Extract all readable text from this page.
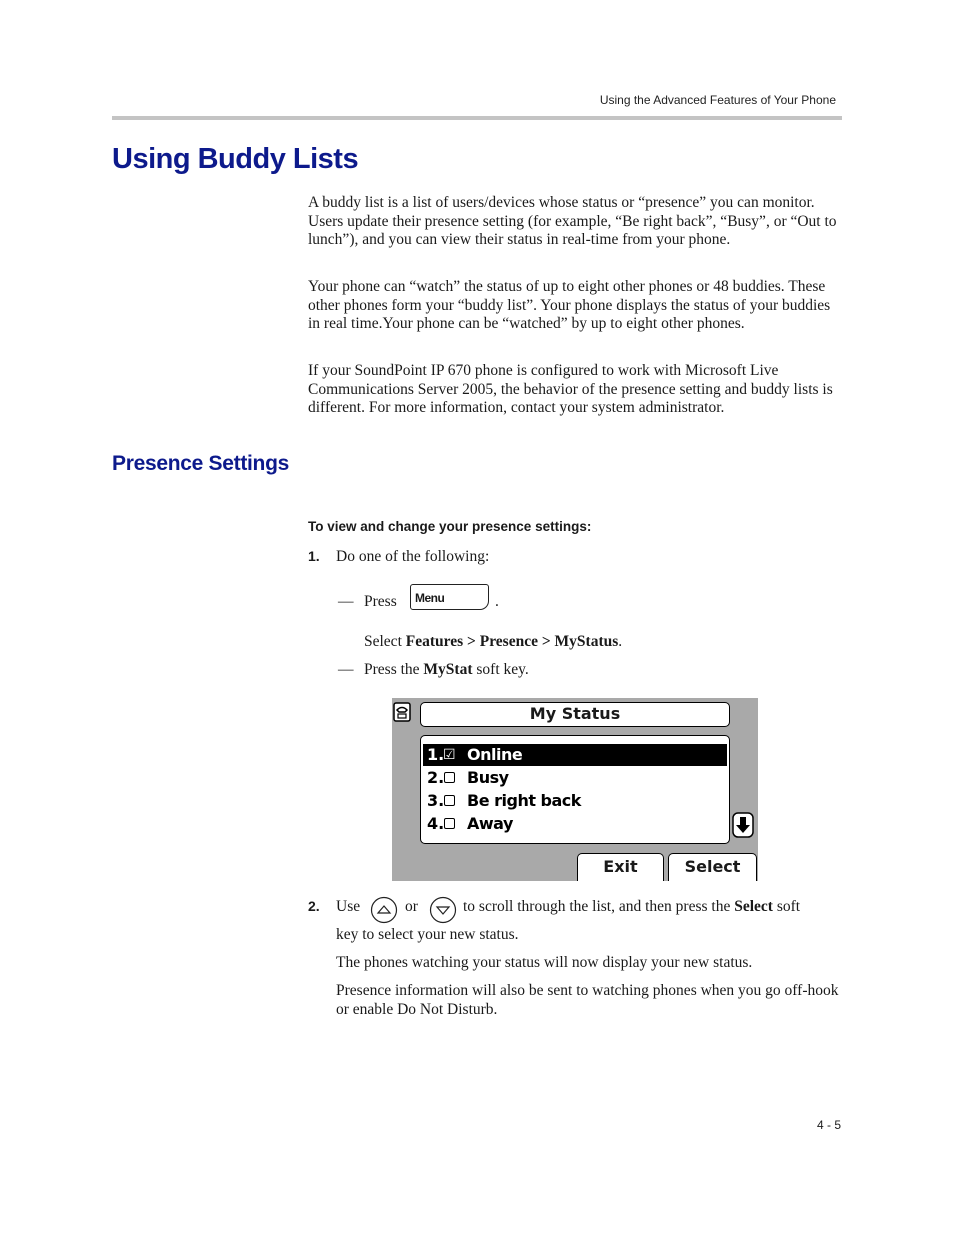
Using the Advanced Features of Your Phone
Using Buddy Lists

A buddy list is a list of users/devices whose status or “presence” you can monitor. Users update their presence setting (for example, “Be right back”, “Busy”, or “Out to lunch”), and you can view their status in real-time from your phone.

Your phone can “watch” the status of up to eight other phones or 48 buddies. These other phones form your “buddy list”. Your phone displays the status of your buddies in real time.Your phone can be “watched” by up to eight other phones.

If your SoundPoint IP 670 phone is configured to work with Microsoft Live Communications Server 2005, the behavior of the presence setting and buddy lists is different. For more information, contact your system administrator.

Presence Settings

To view and change your presence settings:

1. Do one of the following:

— Press	Menu	.

Select Features > Presence > MyStatus.

— Press the MyStat soft key.

My Status
1.
☑ Online
2. Busy
3. Be right back
4. Away
Exit	Select
2. Use	or	to scroll through the list, and then press the Select soft

key to select your new status.

The phones watching your status will now display your new status.

Presence information will also be sent to watching phones when you go off-hook or enable Do Not Disturb.

4 - 5
